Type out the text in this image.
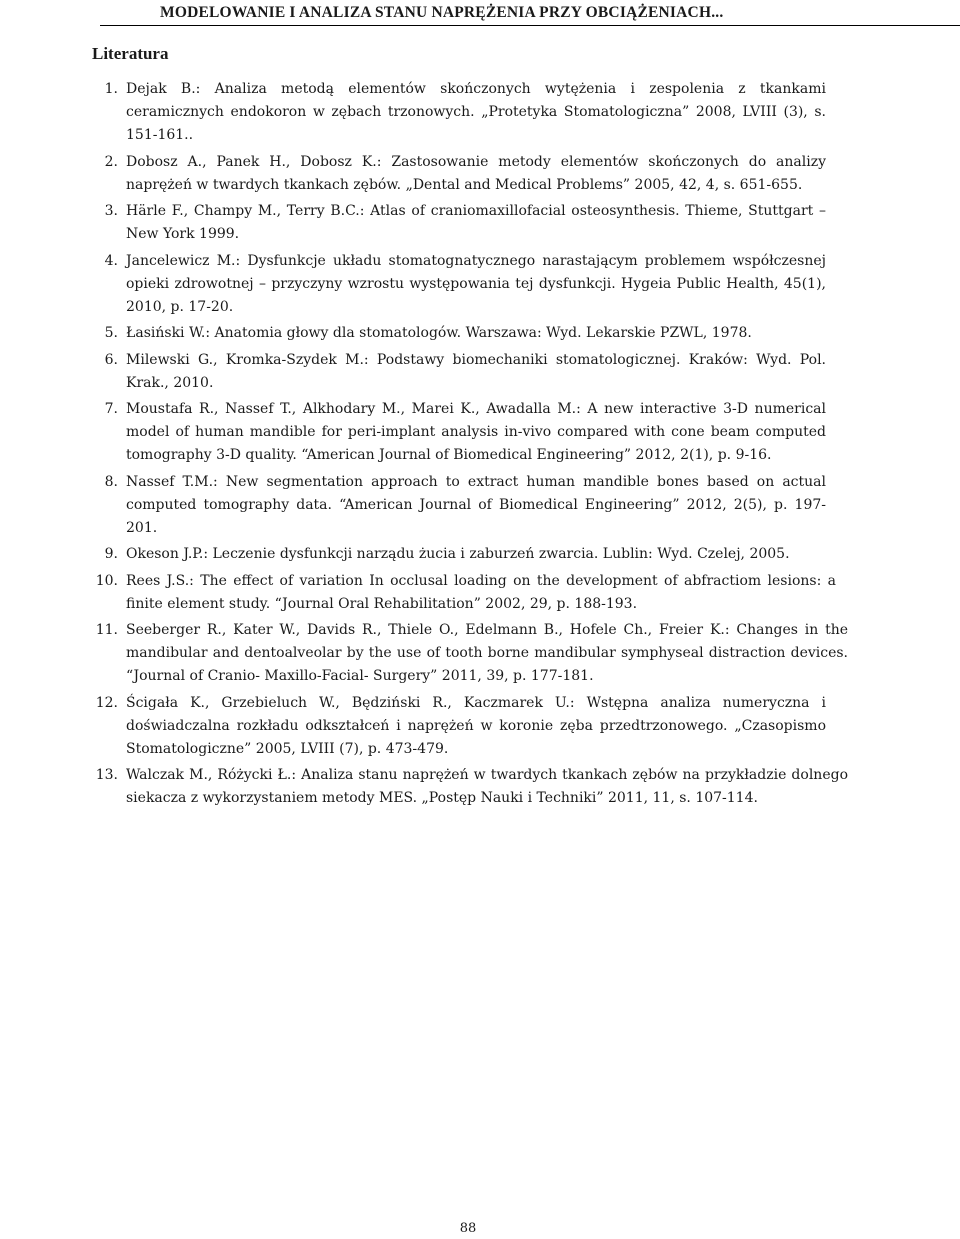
MODELOWANIE I ANALIZA STANU NAPRĘŻENIA PRZY OBCIĄŻENIACH...
Literatura
1. Dejak B.: Analiza metodą elementów skończonych wytężenia i zespolenia z tkankami ceramicznych endokoron w zębach trzonowych. „Protetyka Stomatologiczna” 2008, LVIII (3), s. 151-161..
2. Dobosz A., Panek H., Dobosz K.: Zastosowanie metody elementów skończonych do analizy naprężeń w twardych tkankach zębów. „Dental and Medical Problems” 2005, 42, 4, s. 651-655.
3. Härle F., Champy M., Terry B.C.: Atlas of craniomaxillofacial osteosynthesis. Thieme, Stuttgart – New York 1999.
4. Jancelewicz M.: Dysfunkcje układu stomatognatycznego narastającym problemem współczesnej opieki zdrowotnej – przyczyny wzrostu występowania tej dysfunkcji. Hygeia Public Health, 45(1), 2010, p. 17-20.
5. Łasiński W.: Anatomia głowy dla stomatologów. Warszawa: Wyd. Lekarskie PZWL, 1978.
6. Milewski G., Kromka-Szydek M.: Podstawy biomechaniki stomatologicznej. Kraków: Wyd. Pol. Krak., 2010.
7. Moustafa R., Nassef T., Alkhodary M., Marei K., Awadalla M.: A new interactive 3-D numerical model of human mandible for peri-implant analysis in-vivo compared with cone beam computed tomography 3-D quality. “American Journal of Biomedical Engineering” 2012, 2(1), p. 9-16.
8. Nassef T.M.: New segmentation approach to extract human mandible bones based on actual computed tomography data. “American Journal of Biomedical Engineering” 2012, 2(5), p. 197-201.
9. Okeson J.P.: Leczenie dysfunkcji narządu żucia i zaburzeń zwarcia. Lublin: Wyd. Czelej, 2005.
10. Rees J.S.: The effect of variation In occlusal loading on the development of abfractiom lesions: a finite element study. “Journal Oral Rehabilitation” 2002, 29, p. 188-193.
11. Seeberger R., Kater W., Davids R., Thiele O., Edelmann B., Hofele Ch., Freier K.: Changes in the mandibular and dentoalveolar by the use of tooth borne mandibular symphyseal distraction devices. “Journal of Cranio- Maxillo-Facial- Surgery” 2011, 39, p. 177-181.
12. Ścigała K., Grzebieluch W., Będziński R., Kaczmarek U.: Wstępna analiza numeryczna i doświadczalna rozkładu odkształceń i naprężeń w koronie zęba przedtrzonowego. „Czasopismo Stomatologiczne” 2005, LVIII (7), p. 473-479.
13. Walczak M., Różycki Ł.: Analiza stanu naprężeń w twardych tkankach zębów na przykładzie dolnego siekacza z wykorzystaniem metody MES. „Postęp Nauki i Techniki” 2011, 11, s. 107-114.
88
